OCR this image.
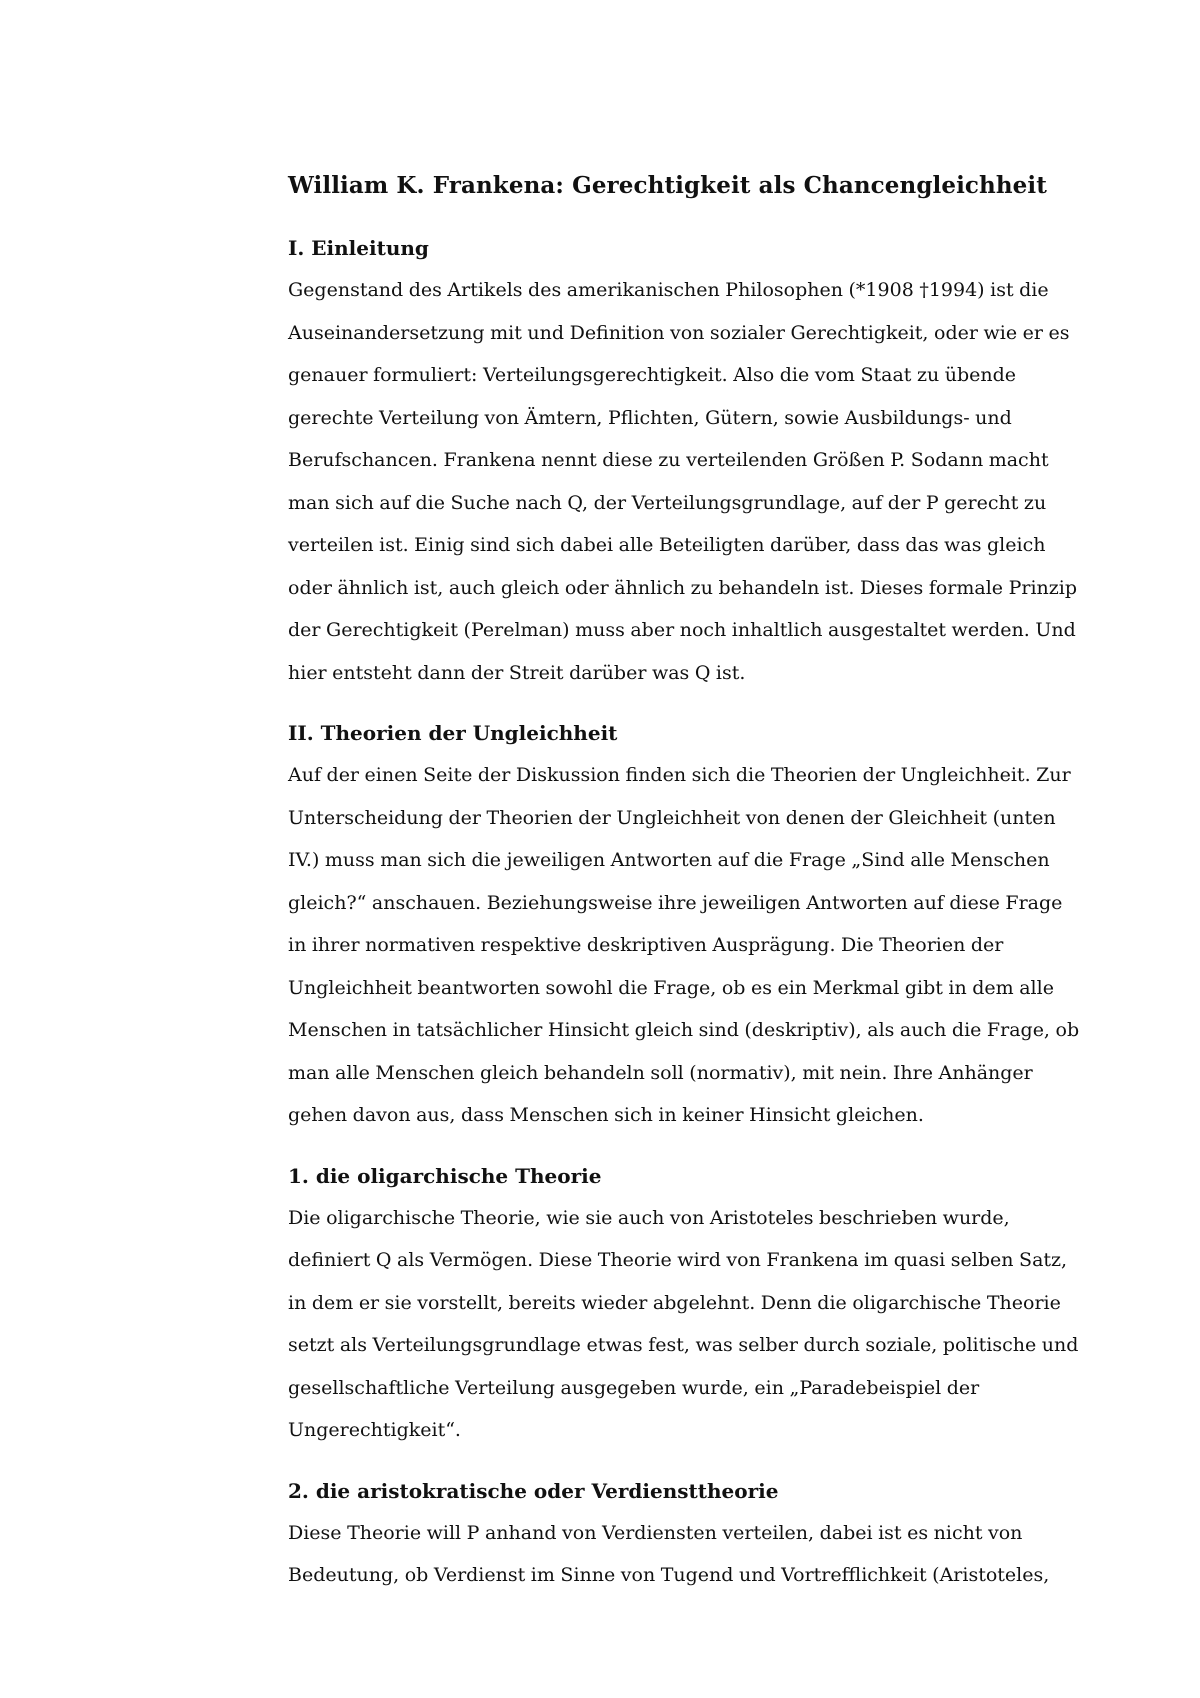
William K. Frankena: Gerechtigkeit als Chancengleichheit
I. Einleitung

Gegenstand des Artikels des amerikanischen Philosophen (*1908 †1994) ist die
Auseinandersetzung mit und Definition von sozialer Gerechtigkeit, oder wie er es
genauer formuliert: Verteilungsgerechtigkeit. Also die vom Staat zu übende
gerechte Verteilung von Ämtern, Pflichten, Gütern, sowie Ausbildungs- und
Berufschancen. Frankena nennt diese zu verteilenden Größen P. Sodann macht
man sich auf die Suche nach Q, der Verteilungsgrundlage, auf der P gerecht zu
verteilen ist. Einig sind sich dabei alle Beteiligten darüber, dass das was gleich
oder ähnlich ist, auch gleich oder ähnlich zu behandeln ist. Dieses formale Prinzip
der Gerechtigkeit (Perelman) muss aber noch inhaltlich ausgestaltet werden. Und
hier entsteht dann der Streit darüber was Q ist.

II. Theorien der Ungleichheit

Auf der einen Seite der Diskussion finden sich die Theorien der Ungleichheit. Zur
Unterscheidung der Theorien der Ungleichheit von denen der Gleichheit (unten
IV.) muss man sich die jeweiligen Antworten auf die Frage „Sind alle Menschen
gleich?“ anschauen. Beziehungsweise ihre jeweiligen Antworten auf diese Frage
in ihrer normativen respektive deskriptiven Ausprägung. Die Theorien der
Ungleichheit beantworten sowohl die Frage, ob es ein Merkmal gibt in dem alle
Menschen in tatsächlicher Hinsicht gleich sind (deskriptiv), als auch die Frage, ob
man alle Menschen gleich behandeln soll (normativ), mit nein. Ihre Anhänger
gehen davon aus, dass Menschen sich in keiner Hinsicht gleichen.

1. die oligarchische Theorie

Die oligarchische Theorie, wie sie auch von Aristoteles beschrieben wurde,
definiert Q als Vermögen. Diese Theorie wird von Frankena im quasi selben Satz,
in dem er sie vorstellt, bereits wieder abgelehnt. Denn die oligarchische Theorie
setzt als Verteilungsgrundlage etwas fest, was selber durch soziale, politische und
gesellschaftliche Verteilung ausgegeben wurde, ein „Paradebeispiel der
Ungerechtigkeit“.

2. die aristokratische oder Verdiensttheorie

Diese Theorie will P anhand von Verdiensten verteilen, dabei ist es nicht von
Bedeutung, ob Verdienst im Sinne von Tugend und Vortrefflichkeit (Aristoteles,
